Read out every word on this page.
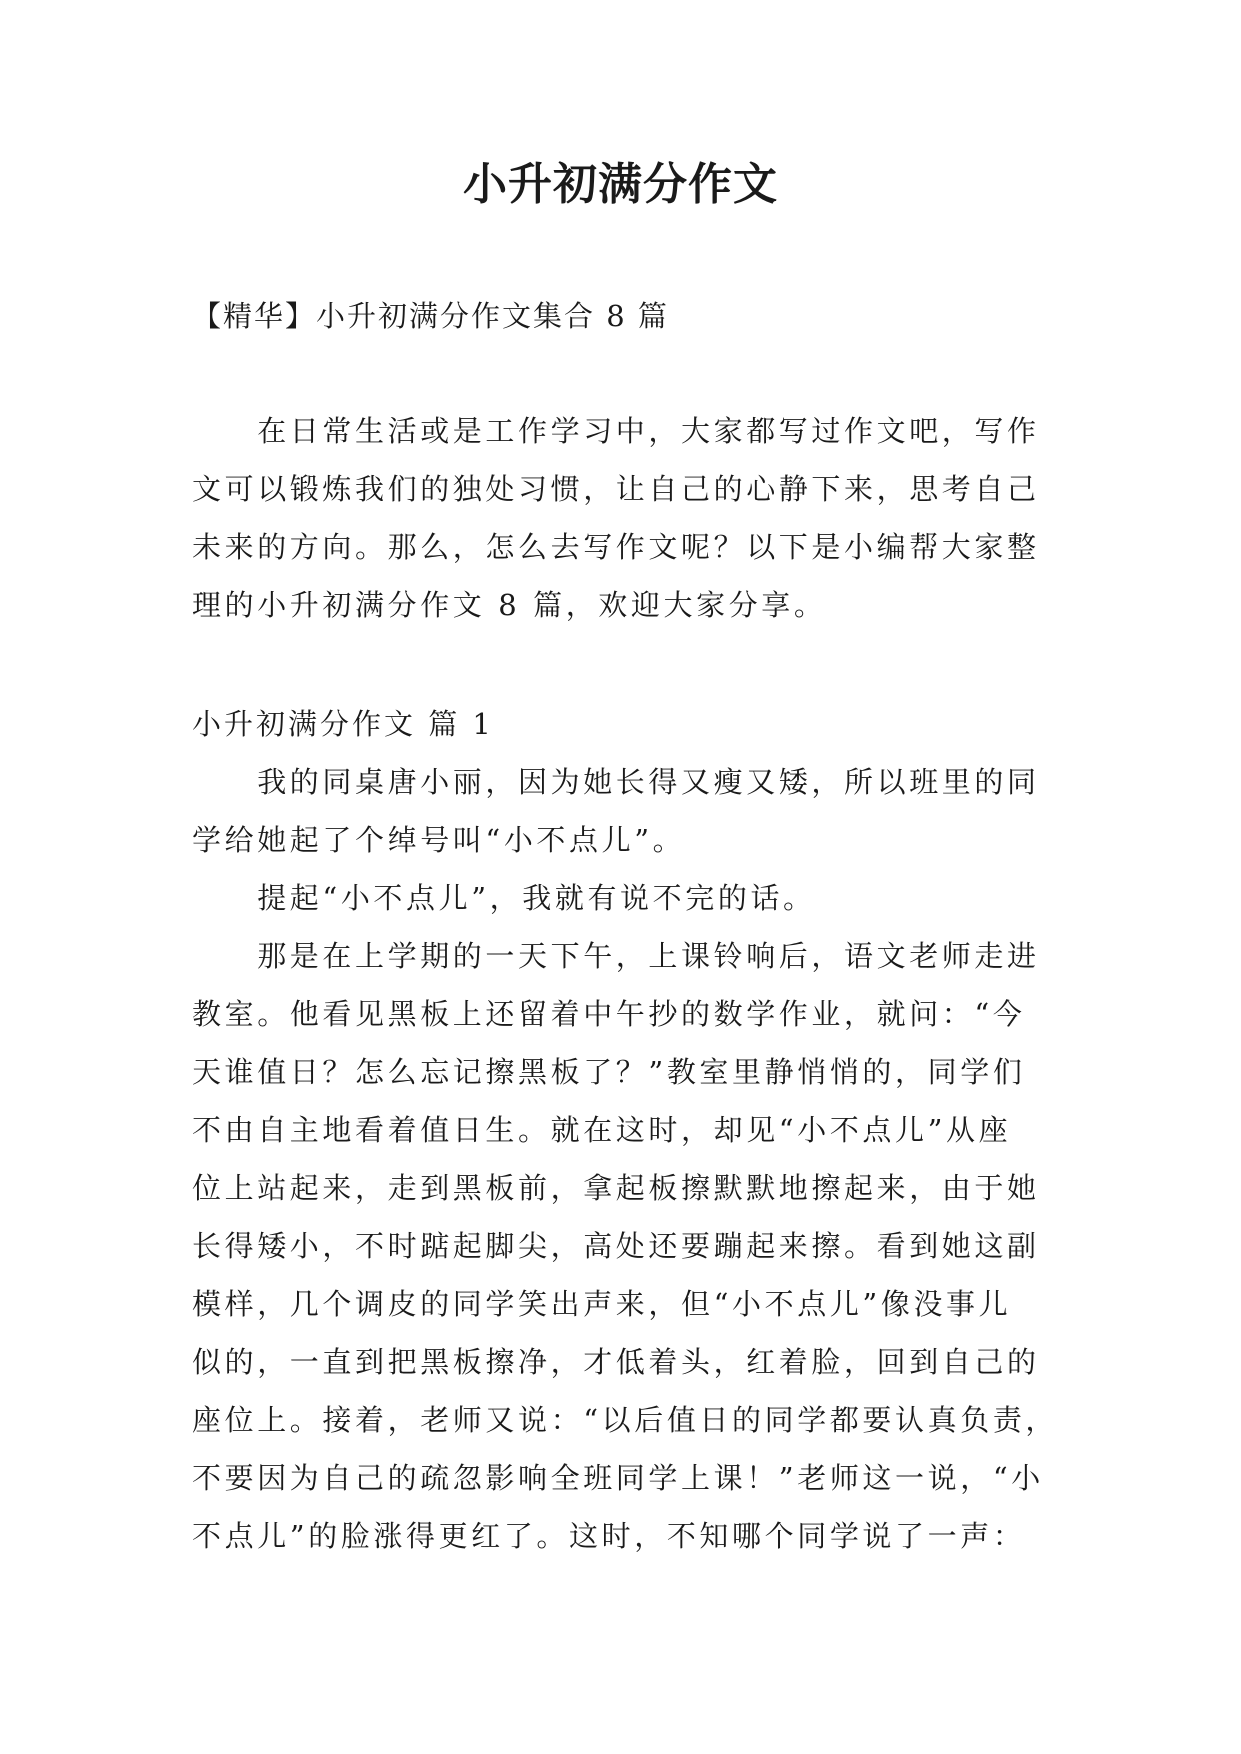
小升初满分作文
【精华】小升初满分作文集合 8 篇
　　在日常生活或是工作学习中，大家都写过作文吧，写作
文可以锻炼我们的独处习惯，让自己的心静下来，思考自己
未来的方向。那么，怎么去写作文呢？以下是小编帮大家整
理的小升初满分作文 8 篇，欢迎大家分享。
小升初满分作文 篇 1
　　我的同桌唐小丽，因为她长得又瘦又矮，所以班里的同
学给她起了个绰号叫“小不点儿”。
　　提起“小不点儿”，我就有说不完的话。
　　那是在上学期的一天下午，上课铃响后，语文老师走进
教室。他看见黑板上还留着中午抄的数学作业，就问：“今
天谁值日？怎么忘记擦黑板了？”教室里静悄悄的，同学们
不由自主地看着值日生。就在这时，却见“小不点儿”从座
位上站起来，走到黑板前，拿起板擦默默地擦起来，由于她
长得矮小，不时踮起脚尖，高处还要蹦起来擦。看到她这副
模样，几个调皮的同学笑出声来，但“小不点儿”像没事儿
似的，一直到把黑板擦净，才低着头，红着脸，回到自己的
座位上。接着，老师又说：“以后值日的同学都要认真负责，
不要因为自己的疏忽影响全班同学上课！”老师这一说，“小
不点儿”的脸涨得更红了。这时，不知哪个同学说了一声：
